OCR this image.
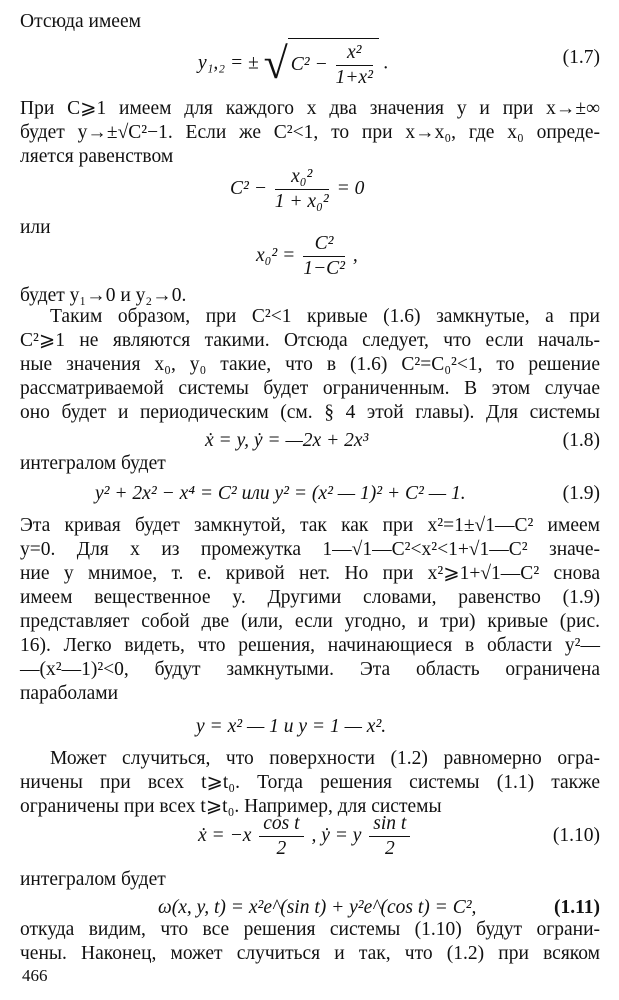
Отсюда имеем
y₁,₂ = ± √ $C^2 - \frac{\text{x²}}{\text{1+x²}}$ .	(1.7)
При C⩾1 имеем для каждого x два значения y и при x→±∞
будет y→±√C²−1. Если же C²<1, то при x→x₀, где x₀ опреде-
ляется равенством
$C^2 - \frac{\text{x₀²}}{\text{1 + x₀²}} = 0$
или
$x_0^2 = \frac{\text{C²}}{\text{1−C²}}$ ,
будет y₁→0 и y₂→0.
Таким образом, при C²<1 кривые (1.6) замкнутые, а при
C²⩾1 не являются такими. Отсюда следует, что если началь-
ные значения x₀, y₀ такие, что в (1.6) C²=C₀²<1, то решение
рассматриваемой системы будет ограниченным. В этом случае
оно будет и периодическим (см. § 4 этой главы). Для системы
ẋ = y, ẏ = —2x + 2x³	(1.8)
интегралом будет
y² + 2x² − x⁴ = C² или y² = (x² — 1)² + C² — 1.	(1.9)
Эта кривая будет замкнутой, так как при x²=1±√1—C² имеем
y=0. Для x из промежутка 1—√1—C²<x²<1+√1—C² значе-
ние y мнимое, т. е. кривой нет. Но при x²⩾1+√1—C² снова
имеем вещественное y. Другими словами, равенство (1.9)
представляет собой две (или, если угодно, и три) кривые (рис.
16). Легко видеть, что решения, начинающиеся в области y²—
—(x²—1)²<0, будут замкнутыми. Эта область ограничена
параболами
y = x² — 1 и y = 1 — x².
Может случиться, что поверхности (1.2) равномерно огра-
ничены при всех t⩾t₀. Тогда решения системы (1.1) также
ограничены при всех t⩾t₀. Например, для системы
ẋ = $-x \frac{\text{cos t}}{2}$ , ẏ = y $\frac{\text{sin t}}{2}$	(1.10)
интегралом будет
ω(x, y, t) = x²e^(sin t) + y²e^(cos t) = C²,	(1.11)
откуда видим, что все решения системы (1.10) будут ограни-
чены. Наконец, может случиться и так, что (1.2) при всяком
466
